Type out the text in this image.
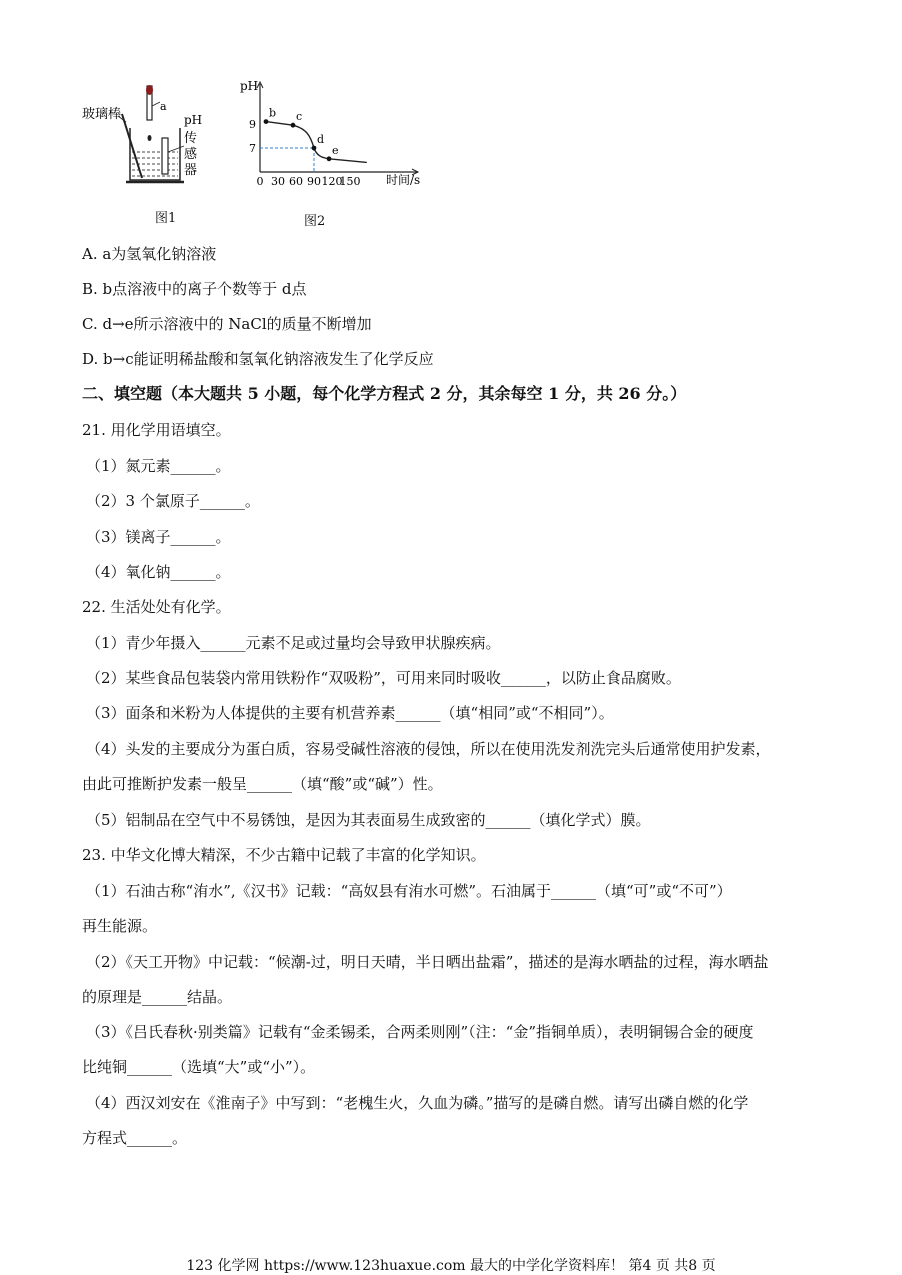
玻璃棒
a
pH
传
感
器
图1
pH
时间/s
0 30 60 90 120
150
7
9
b c
d
e
图2
A. a为氢氧化钠溶液
B. b点溶液中的离子个数等于 d点
C. d→e所示溶液中的 NaCl的质量不断增加
D. b→c能证明稀盐酸和氢氧化钠溶液发生了化学反应
二、填空题（本大题共 5 小题，每个化学方程式 2 分，其余每空 1 分，共 26 分。）
21. 用化学用语填空。
（1）氮元素______。
（2）3 个氯原子______。
（3）镁离子______。
（4）氧化钠______。
22. 生活处处有化学。
（1）青少年摄入______元素不足或过量均会导致甲状腺疾病。
（2）某些食品包装袋内常用铁粉作“双吸粉”，可用来同时吸收______，以防止食品腐败。
（3）面条和米粉为人体提供的主要有机营养素______（填“相同”或“不相同”）。
（4）头发的主要成分为蛋白质，容易受碱性溶液的侵蚀，所以在使用洗发剂洗完头后通常使用护发素，
由此可推断护发素一般呈______（填“酸”或“碱”）性。
（5）铝制品在空气中不易锈蚀，是因为其表面易生成致密的______（填化学式）膜。
23. 中华文化博大精深，不少古籍中记载了丰富的化学知识。
（1）石油古称“洧水”,《汉书》记载：“高奴县有洧水可燃”。石油属于______（填“可”或“不可”）
再生能源。
（2）《天工开物》中记载：“候潮-过，明日天晴，半日晒出盐霜”，描述的是海水晒盐的过程，海水晒盐
的原理是______结晶。
（3）《吕氏春秋·别类篇》记载有“金柔锡柔，合两柔则刚”（注：“金”指铜单质），表明铜锡合金的硬度
比纯铜______（选填“大”或“小”）。
（4）西汉刘安在《淮南子》中写到：“老槐生火，久血为磷。”描写的是磷自燃。请写出磷自燃的化学
方程式______。
123 化学网 https://www.123huaxue.com 最大的中学化学资料库！ 第4 页 共8 页
